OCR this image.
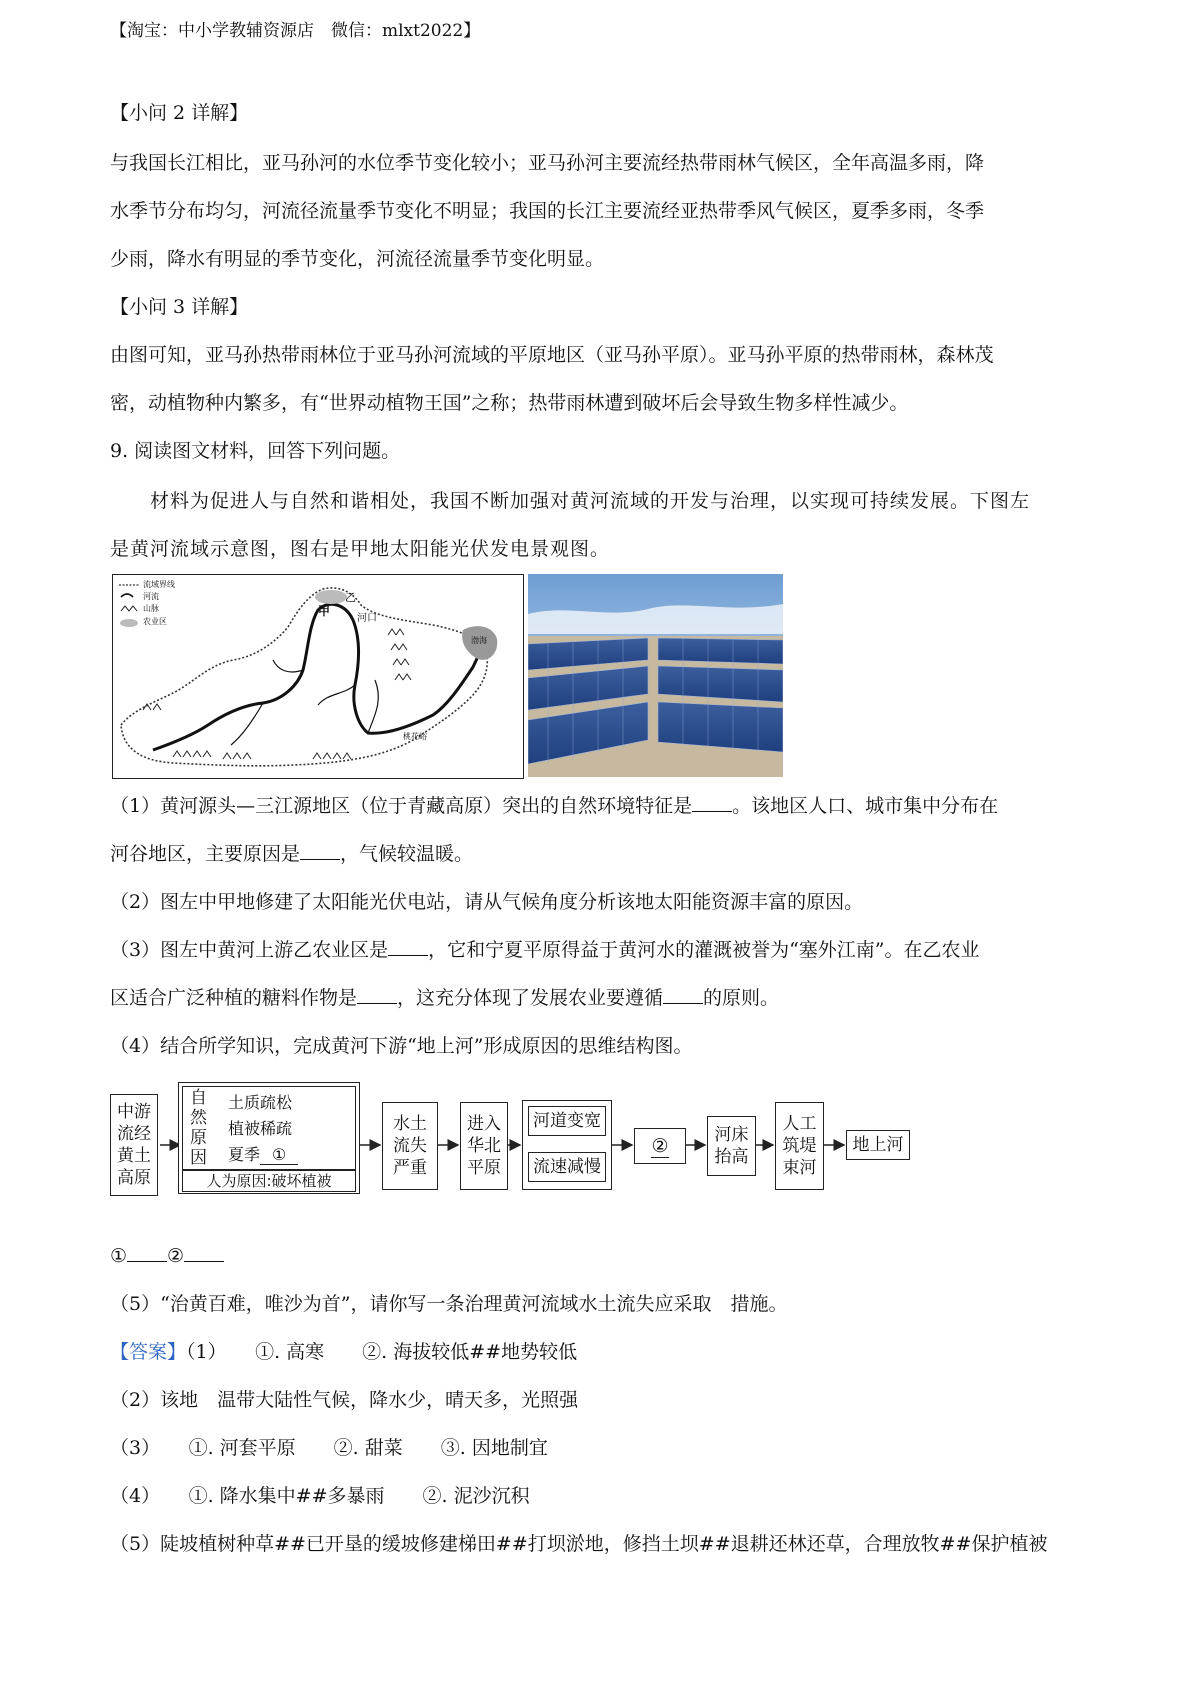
【淘宝：中小学教辅资源店　微信：mlxt2022】
【小问 2 详解】
与我国长江相比，亚马孙河的水位季节变化较小；亚马孙河主要流经热带雨林气候区，全年高温多雨，降
水季节分布均匀，河流径流量季节变化不明显；我国的长江主要流经亚热带季风气候区，夏季多雨，冬季
少雨，降水有明显的季节变化，河流径流量季节变化明显。
【小问 3 详解】
由图可知，亚马孙热带雨林位于亚马孙河流域的平原地区（亚马孙平原）。亚马孙平原的热带雨林，森林茂
密，动植物种内繁多，有“世界动植物王国”之称；热带雨林遭到破坏后会导致生物多样性减少。
9. 阅读图文材料，回答下列问题。
材料为促进人与自然和谐相处，我国不断加强对黄河流域的开发与治理，以实现可持续发展。下图左
是黄河流域示意图，图右是甲地太阳能光伏发电景观图。
流域界线
河流
山脉
农业区
甲
乙
河口
渤海
桃花峪
（1）黄河源头—三江源地区（位于青藏高原）突出的自然环境特征是 。该地区人口、城市集中分布在
河谷地区，主要原因是 ，气候较温暖。
（2）图左中甲地修建了太阳能光伏电站，请从气候角度分析该地太阳能资源丰富的原因。
（3）图左中黄河上游乙农业区是 ，它和宁夏平原得益于黄河水的灌溉被誉为“塞外江南”。在乙农业
区适合广泛种植的糖料作物是 ，这充分体现了发展农业要遵循 的原则。
（4）结合所学知识，完成黄河下游“地上河”形成原因的思维结构图。
中游流经黄土高原
自然原因
土质疏松
植被稀疏
夏季 ①
人为原因:破坏植被
水土流失严重
进入华北平原
河道变宽
流速减慢
②	河床抬高
人工筑堤束河
地上河
① ②
（5）“治黄百难，唯沙为首”，请你写一条治理黄河流域水土流失应采取　措施。
【答案】（1）　　①. 高寒　　②. 海拔较低##地势较低
（2）该地　温带大陆性气候，降水少，晴天多，光照强
（3）　　①. 河套平原　　②. 甜菜　　③. 因地制宜
（4）　　①. 降水集中##多暴雨　　②. 泥沙沉积
（5）陡坡植树种草##已开垦的缓坡修建梯田##打坝淤地，修挡土坝##退耕还林还草，合理放牧##保护植被
